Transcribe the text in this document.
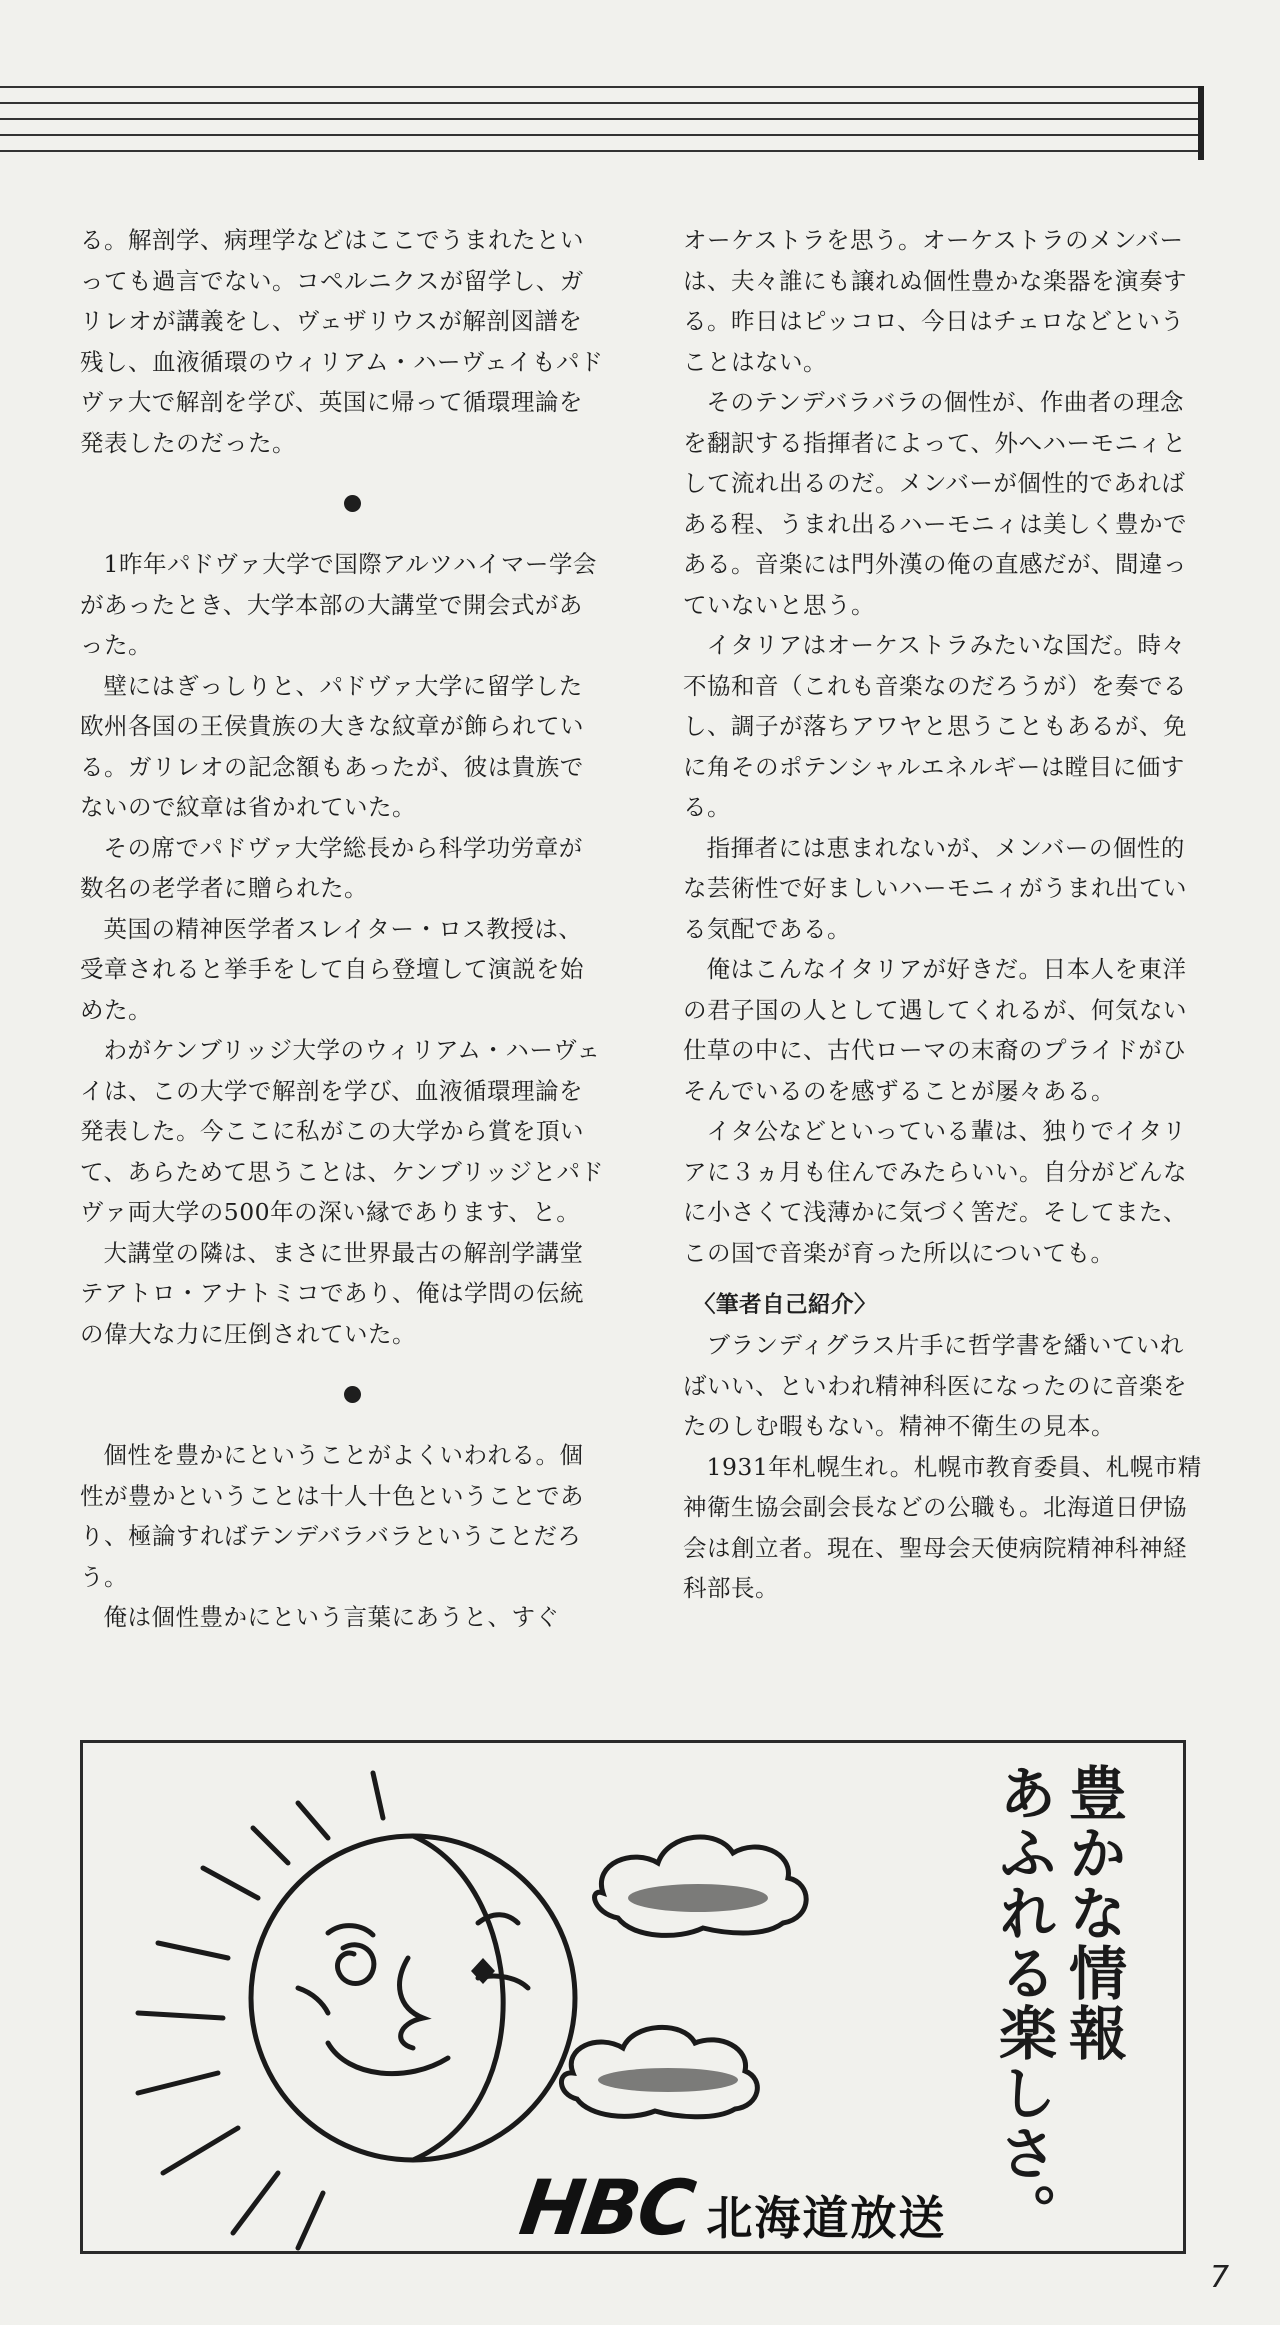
る。解剖学、病理学などはここでうまれたといっても過言でない。コペルニクスが留学し、ガリレオが講義をし、ヴェザリウスが解剖図譜を残し、血液循環のウィリアム・ハーヴェイもパドヴァ大で解剖を学び、英国に帰って循環理論を発表したのだった。

1昨年パドヴァ大学で国際アルツハイマー学会があったとき、大学本部の大講堂で開会式があった。

壁にはぎっしりと、パドヴァ大学に留学した欧州各国の王侯貴族の大きな紋章が飾られている。ガリレオの記念額もあったが、彼は貴族でないので紋章は省かれていた。

その席でパドヴァ大学総長から科学功労章が数名の老学者に贈られた。

英国の精神医学者スレイター・ロス教授は、受章されると挙手をして自ら登壇して演説を始めた。

わがケンブリッジ大学のウィリアム・ハーヴェイは、この大学で解剖を学び、血液循環理論を発表した。今ここに私がこの大学から賞を頂いて、あらためて思うことは、ケンブリッジとパドヴァ両大学の500年の深い縁であります、と。

大講堂の隣は、まさに世界最古の解剖学講堂テアトロ・アナトミコであり、俺は学問の伝統の偉大な力に圧倒されていた。

個性を豊かにということがよくいわれる。個性が豊かということは十人十色ということであり、極論すればテンデバラバラということだろう。

俺は個性豊かにという言葉にあうと、すぐ

オーケストラを思う。オーケストラのメンバーは、夫々誰にも譲れぬ個性豊かな楽器を演奏する。昨日はピッコロ、今日はチェロなどということはない。

そのテンデバラバラの個性が、作曲者の理念を翻訳する指揮者によって、外へハーモニィとして流れ出るのだ。メンバーが個性的であればある程、うまれ出るハーモニィは美しく豊かである。音楽には門外漢の俺の直感だが、間違っていないと思う。

イタリアはオーケストラみたいな国だ。時々不協和音（これも音楽なのだろうが）を奏でるし、調子が落ちアワヤと思うこともあるが、免に角そのポテンシャルエネルギーは瞠目に価する。

指揮者には恵まれないが、メンバーの個性的な芸術性で好ましいハーモニィがうまれ出ている気配である。

俺はこんなイタリアが好きだ。日本人を東洋の君子国の人として遇してくれるが、何気ない仕草の中に、古代ローマの末裔のプライドがひそんでいるのを感ずることが屡々ある。

イタ公などといっている輩は、独りでイタリアに３ヵ月も住んでみたらいい。自分がどんなに小さくて浅薄かに気づく筈だ。そしてまた、この国で音楽が育った所以についても。

〈筆者自己紹介〉

ブランディグラス片手に哲学書を繙いていればいい、といわれ精神科医になったのに音楽をたのしむ暇もない。精神不衛生の見本。

1931年札幌生れ。札幌市教育委員、札幌市精神衛生協会副会長などの公職も。北海道日伊協会は創立者。現在、聖母会天使病院精神科神経科部長。

豊かな情報
あふれる楽しさ。
HBC 北海道放送
7
